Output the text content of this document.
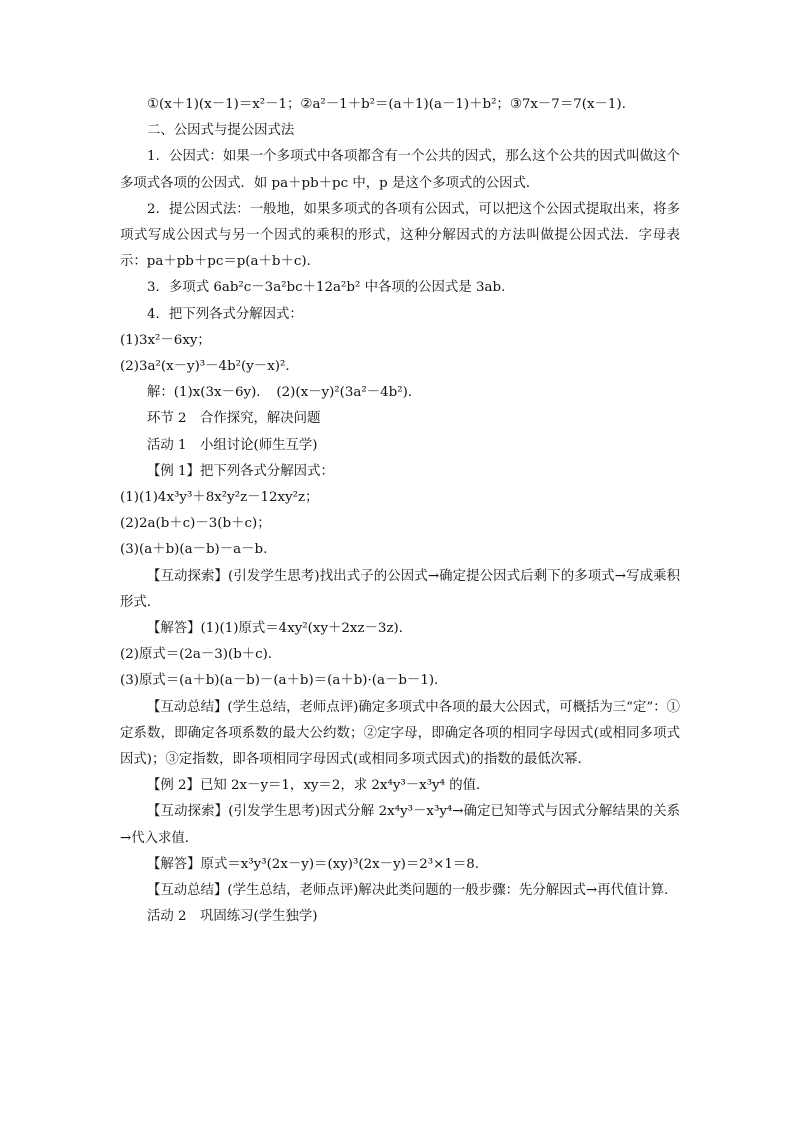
①(x＋1)(x－1)＝x²－1；②a²－1＋b²＝(a＋1)(a－1)＋b²；③7x－7＝7(x－1).
二、公因式与提公因式法
1．公因式：如果一个多项式中各项都含有一个公共的因式，那么这个公共的因式叫做这个多项式各项的公因式．如 pa＋pb＋pc 中，p 是这个多项式的公因式．
2．提公因式法：一般地，如果多项式的各项有公因式，可以把这个公因式提取出来，将多项式写成公因式与另一个因式的乘积的形式，这种分解因式的方法叫做提公因式法．字母表示：pa＋pb＋pc＝p(a＋b＋c)．
3．多项式 6ab²c－3a²bc＋12a²b² 中各项的公因式是 3ab.
4．把下列各式分解因式：
(1)3x²－6xy；
(2)3a²(x－y)³－4b²(y－x)².
解：(1)x(3x－6y)．　(2)(x－y)²(3a²－4b²)．
环节 2　合作探究，解决问题
活动 1　小组讨论(师生互学)
【例 1】把下列各式分解因式：
(1)(1)4x³y³＋8x²y²z－12xy²z；
(2)2a(b＋c)－3(b＋c)；
(3)(a＋b)(a－b)－a－b.
【互动探索】(引发学生思考)找出式子的公因式→确定提公因式后剩下的多项式→写成乘积形式．
【解答】(1)(1)原式＝4xy²(xy＋2xz－3z)．
(2)原式＝(2a－3)(b＋c)．
(3)原式＝(a＋b)(a－b)－(a＋b)＝(a＋b)·(a－b－1)．
【互动总结】(学生总结，老师点评)确定多项式中各项的最大公因式，可概括为三“定”：①定系数，即确定各项系数的最大公约数；②定字母，即确定各项的相同字母因式(或相同多项式因式)；③定指数，即各项相同字母因式(或相同多项式因式)的指数的最低次幂．
【例 2】已知 2x－y＝1，xy＝2，求 2x⁴y³－x³y⁴ 的值．
【互动探索】(引发学生思考)因式分解 2x⁴y³－x³y⁴→确定已知等式与因式分解结果的关系→代入求值．
【解答】原式＝x³y³(2x－y)＝(xy)³(2x－y)＝2³×1＝8.
【互动总结】(学生总结，老师点评)解决此类问题的一般步骤：先分解因式→再代值计算．
活动 2　巩固练习(学生独学)
